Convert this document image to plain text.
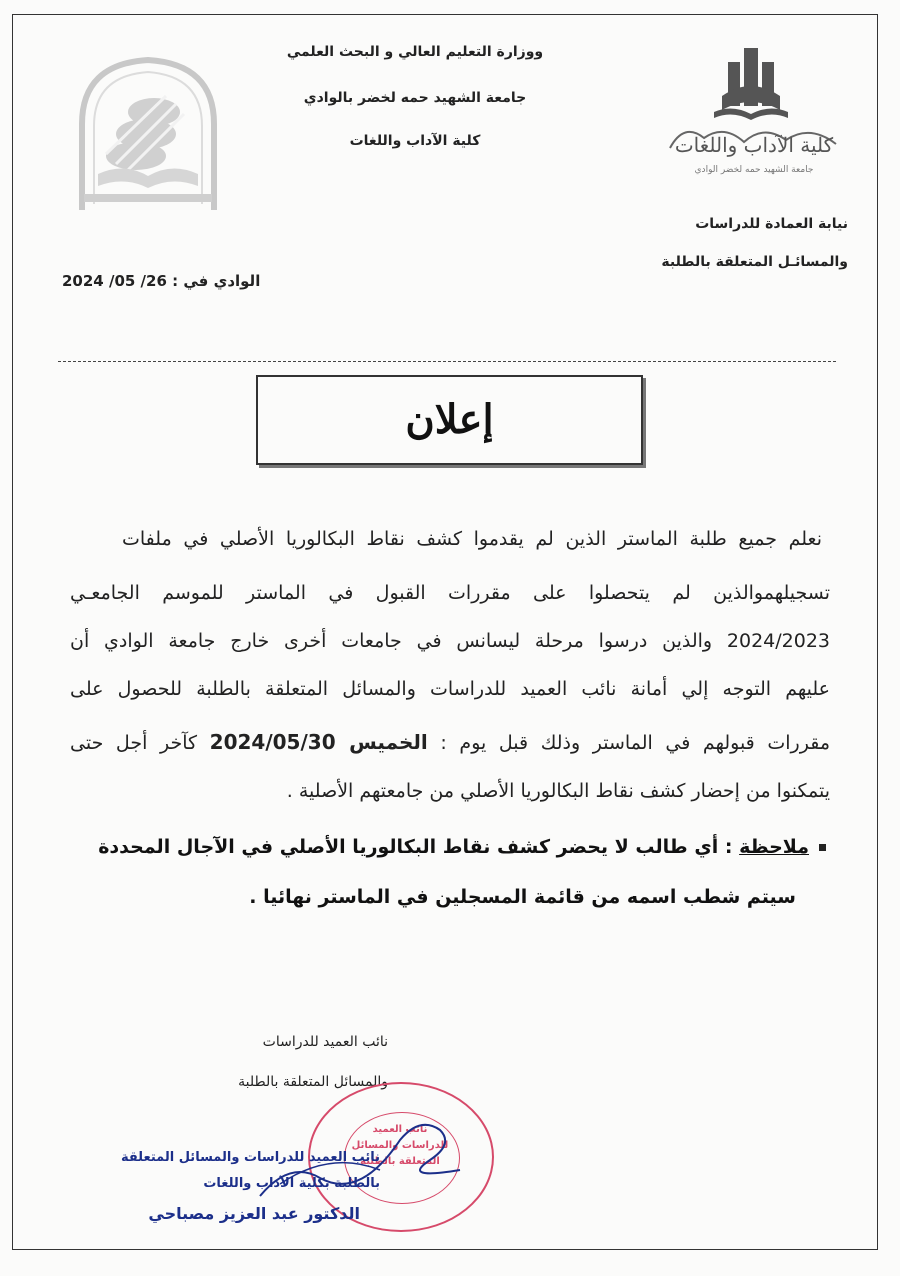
كلية الآداب واللغات
جامعة الشهيد حمه لخضر الوادي
ووزارة التعليم العالي و البحث العلمي
جامعة الشهيد حمه لخضر بالوادي
كلية الآداب واللغات
نيابة العمادة للدراسات
والمسائـل المتعلقة بالطلبة
الوادي في : 26/ 05/ 2024
إعلان
نعلم جميع طلبة الماستر الذين لم يقدموا كشف نقاط البكالوريا الأصلي في ملفات
تسجيلهموالذين لم يتحصلوا على مقررات القبول في الماستر للموسم الجامعـي
2024/2023 والذين درسوا مرحلة ليسانس في جامعات أخرى خارج جامعة الوادي أن
عليهم التوجه إلي أمانة نائب العميد للدراسات والمسائل المتعلقة بالطلبة للحصول على
مقررات قبولهم في الماستر وذلك قبل يوم : الخميس 2024/05/30 كآخر أجل حتى
يتمكنوا من إحضار كشف نقاط البكالوريا الأصلي من جامعتهم الأصلية .
ملاحظة : أي طالب لا يحضر كشف نقاط البكالوريا الأصلي في الآجال المحددة
سيتم شطب اسمه من قائمة المسجلين في الماستر نهائيا .
نائب العميد للدراسات
والمسائل المتعلقة بالطلبة
نائب العميد
للدراسات والمسائل
المتعلقة بالطلبة
نائب العميد للدراسات والمسائل المتعلقة
بالطلبة بكلية الآداب واللغات
الدكتور عبد العزيز مصباحي
